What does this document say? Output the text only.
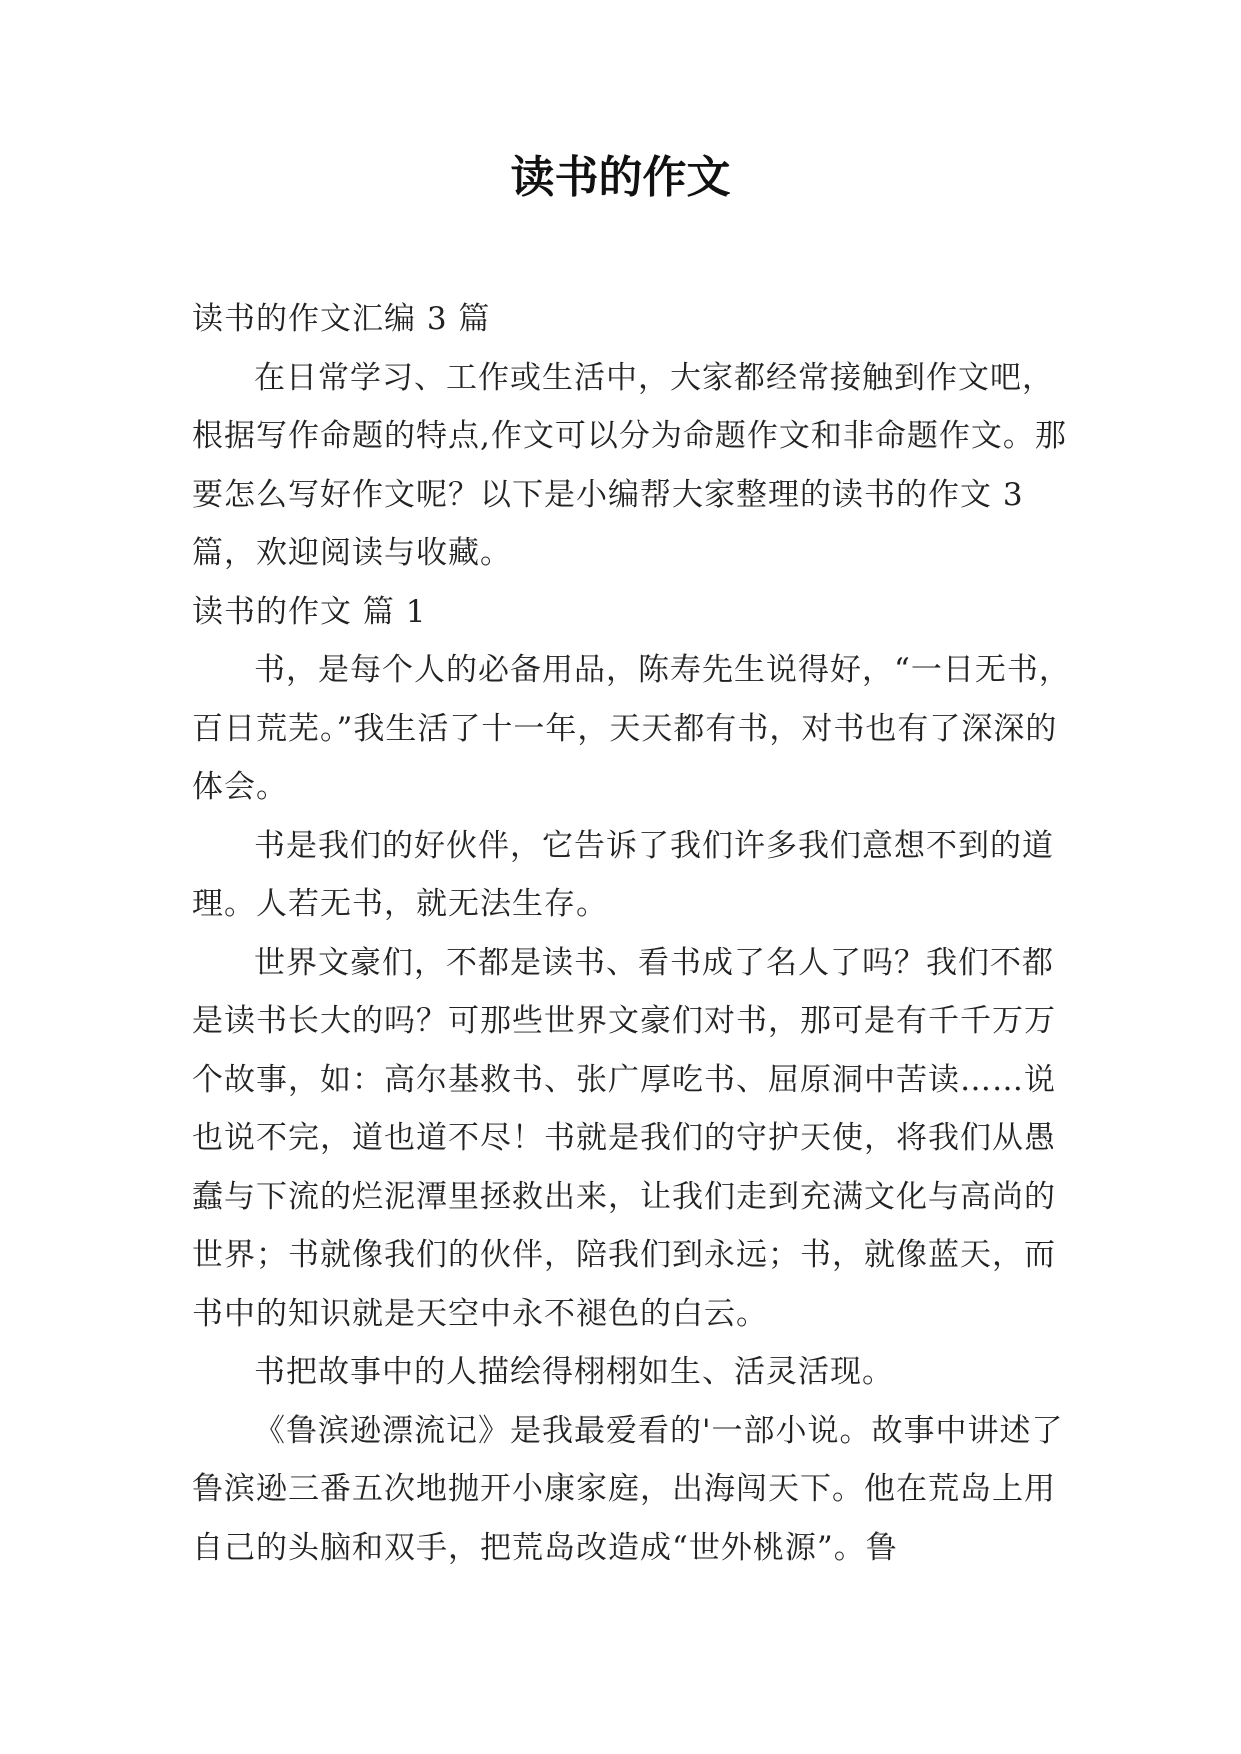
读书的作文

读书的作文汇编 3 篇

在日常学习、工作或生活中，大家都经常接触到作文吧，根据写作命题的特点,作文可以分为命题作文和非命题作文。那要怎么写好作文呢？以下是小编帮大家整理的读书的作文 3 篇，欢迎阅读与收藏。

读书的作文 篇 1

书，是每个人的必备用品，陈寿先生说得好，“一日无书，百日荒芜。”我生活了十一年，天天都有书，对书也有了深深的体会。

书是我们的好伙伴，它告诉了我们许多我们意想不到的道理。人若无书，就无法生存。

世界文豪们，不都是读书、看书成了名人了吗？我们不都是读书长大的吗？可那些世界文豪们对书，那可是有千千万万个故事，如：高尔基救书、张广厚吃书、屈原洞中苦读……说也说不完，道也道不尽！书就是我们的守护天使，将我们从愚蠢与下流的烂泥潭里拯救出来，让我们走到充满文化与高尚的世界；书就像我们的伙伴，陪我们到永远；书，就像蓝天，而书中的知识就是天空中永不褪色的白云。

书把故事中的人描绘得栩栩如生、活灵活现。

《鲁滨逊漂流记》是我最爱看的'一部小说。故事中讲述了鲁滨逊三番五次地抛开小康家庭，出海闯天下。他在荒岛上用自己的头脑和双手，把荒岛改造成“世外桃源”。鲁
